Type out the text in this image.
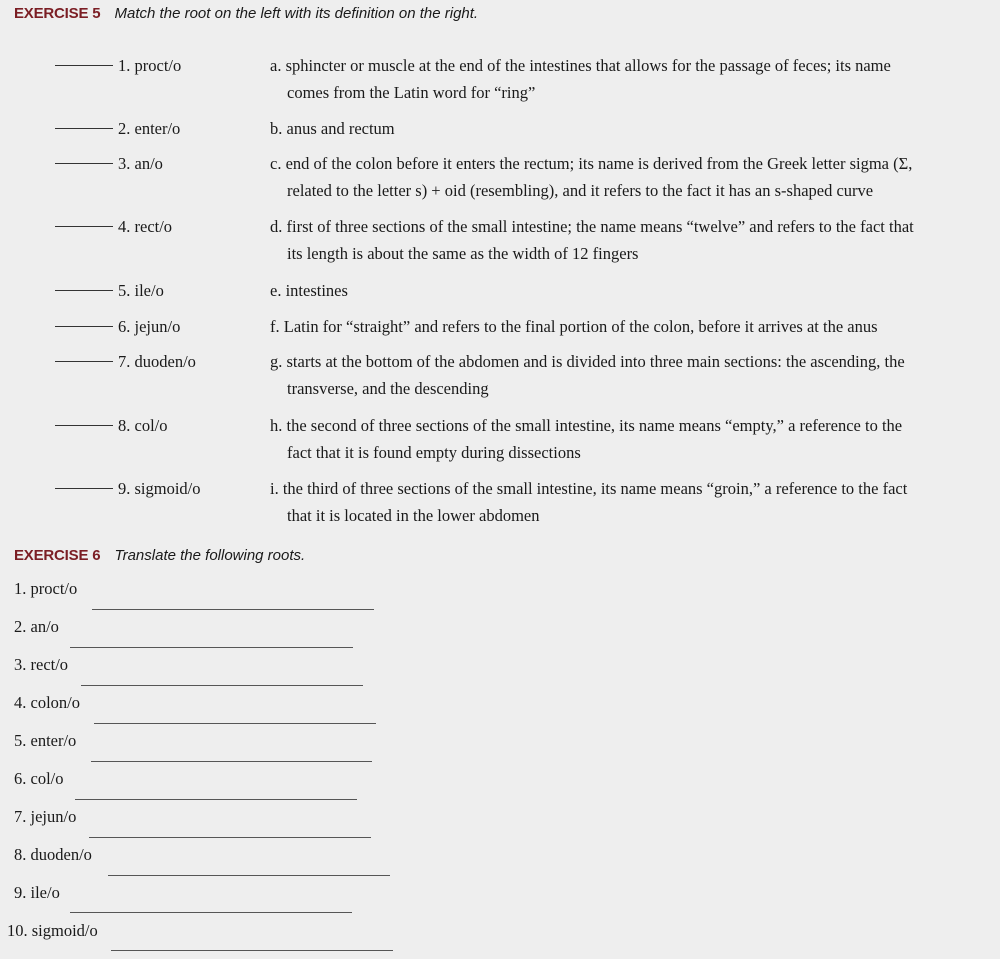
EXERCISE 5 Match the root on the left with its definition on the right.
1. proct/o	a. sphincter or muscle at the end of the intestines that allows for the passage of feces; its name
comes from the Latin word for “ring”
2. enter/o	b. anus and rectum
3. an/o	c. end of the colon before it enters the rectum; its name is derived from the Greek letter sigma (Σ,
related to the letter s) + oid (resembling), and it refers to the fact it has an s-shaped curve
4. rect/o	d. first of three sections of the small intestine; the name means “twelve” and refers to the fact that
its length is about the same as the width of 12 fingers
5. ile/o	e. intestines
6. jejun/o	f. Latin for “straight” and refers to the final portion of the colon, before it arrives at the anus
7. duoden/o	g. starts at the bottom of the abdomen and is divided into three main sections: the ascending, the
transverse, and the descending
8. col/o	h. the second of three sections of the small intestine, its name means “empty,” a reference to the
fact that it is found empty during dissections
9. sigmoid/o	i. the third of three sections of the small intestine, its name means “groin,” a reference to the fact
that it is located in the lower abdomen
EXERCISE 6 Translate the following roots.
1. proct/o
2. an/o
3. rect/o
4. colon/o
5. enter/o
6. col/o
7. jejun/o
8. duoden/o
9. ile/o
10. sigmoid/o
